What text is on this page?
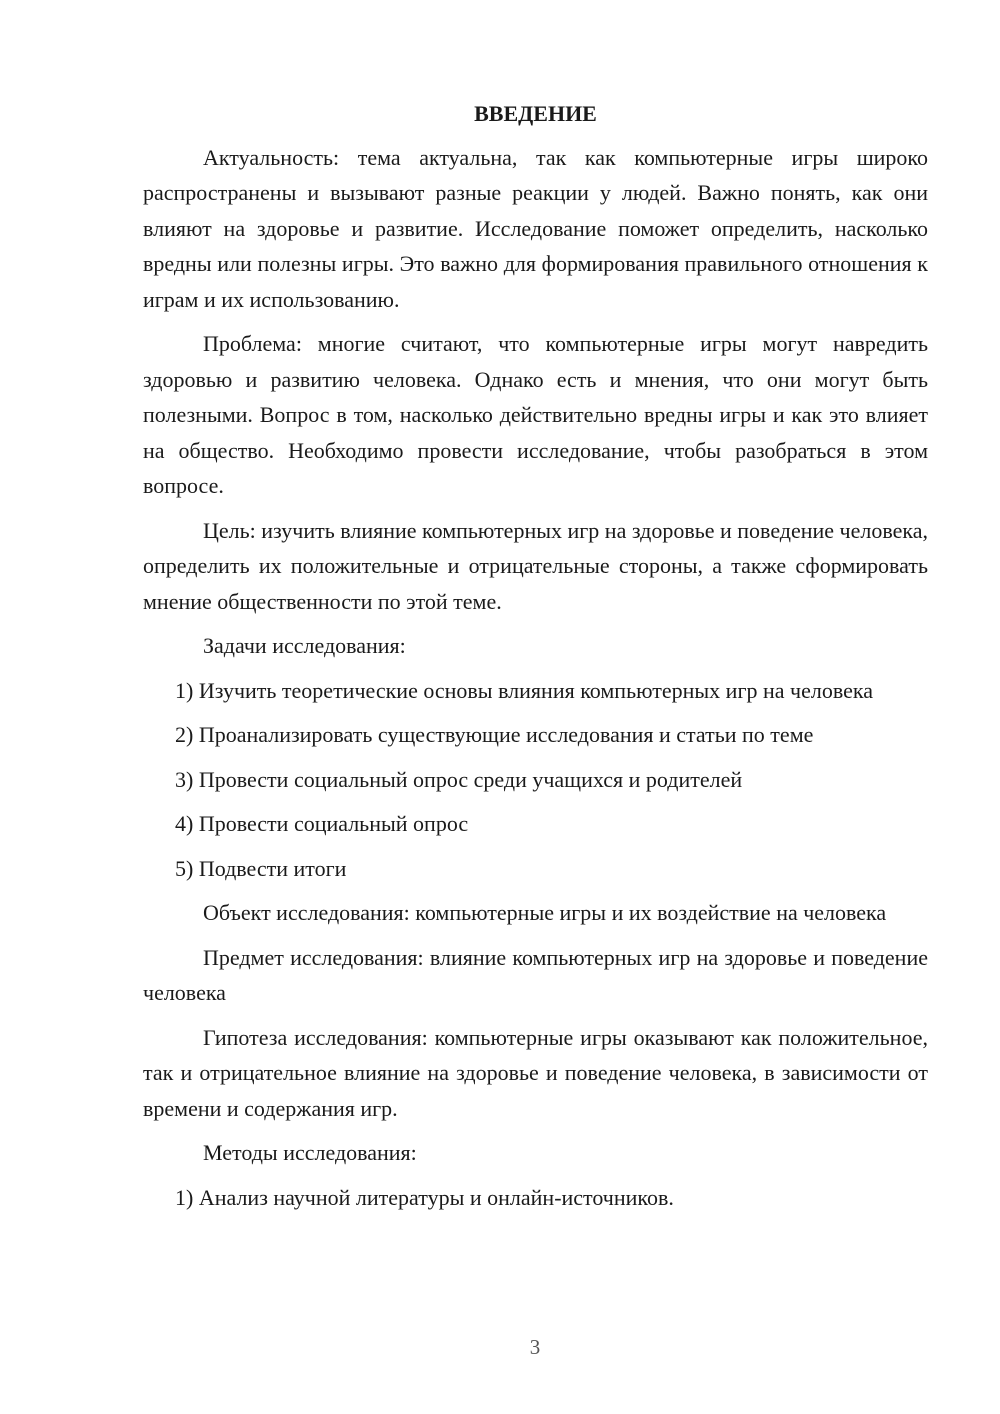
ВВЕДЕНИЕ

Актуальность: тема актуальна, так как компьютерные игры широко распространены и вызывают разные реакции у людей. Важно понять, как они влияют на здоровье и развитие. Исследование поможет определить, насколько вредны или полезны игры. Это важно для формирования правильного отношения к играм и их использованию.

Проблема: многие считают, что компьютерные игры могут навредить здоровью и развитию человека. Однако есть и мнения, что они могут быть полезными. Вопрос в том, насколько действительно вредны игры и как это влияет на общество. Необходимо провести исследование, чтобы разобраться в этом вопросе.

Цель: изучить влияние компьютерных игр на здоровье и поведение человека, определить их положительные и отрицательные стороны, а также сформировать мнение общественности по этой теме.

Задачи исследования:

1) Изучить теоретические основы влияния компьютерных игр на человека

2) Проанализировать существующие исследования и статьи по теме

3) Провести социальный опрос среди учащихся и родителей

4) Провести социальный опрос

5) Подвести итоги

Объект исследования: компьютерные игры и их воздействие на человека

Предмет исследования: влияние компьютерных игр на здоровье и поведение человека

Гипотеза исследования: компьютерные игры оказывают как положительное, так и отрицательное влияние на здоровье и поведение человека, в зависимости от времени и содержания игр.

Методы исследования:

1) Анализ научной литературы и онлайн-источников.

3
